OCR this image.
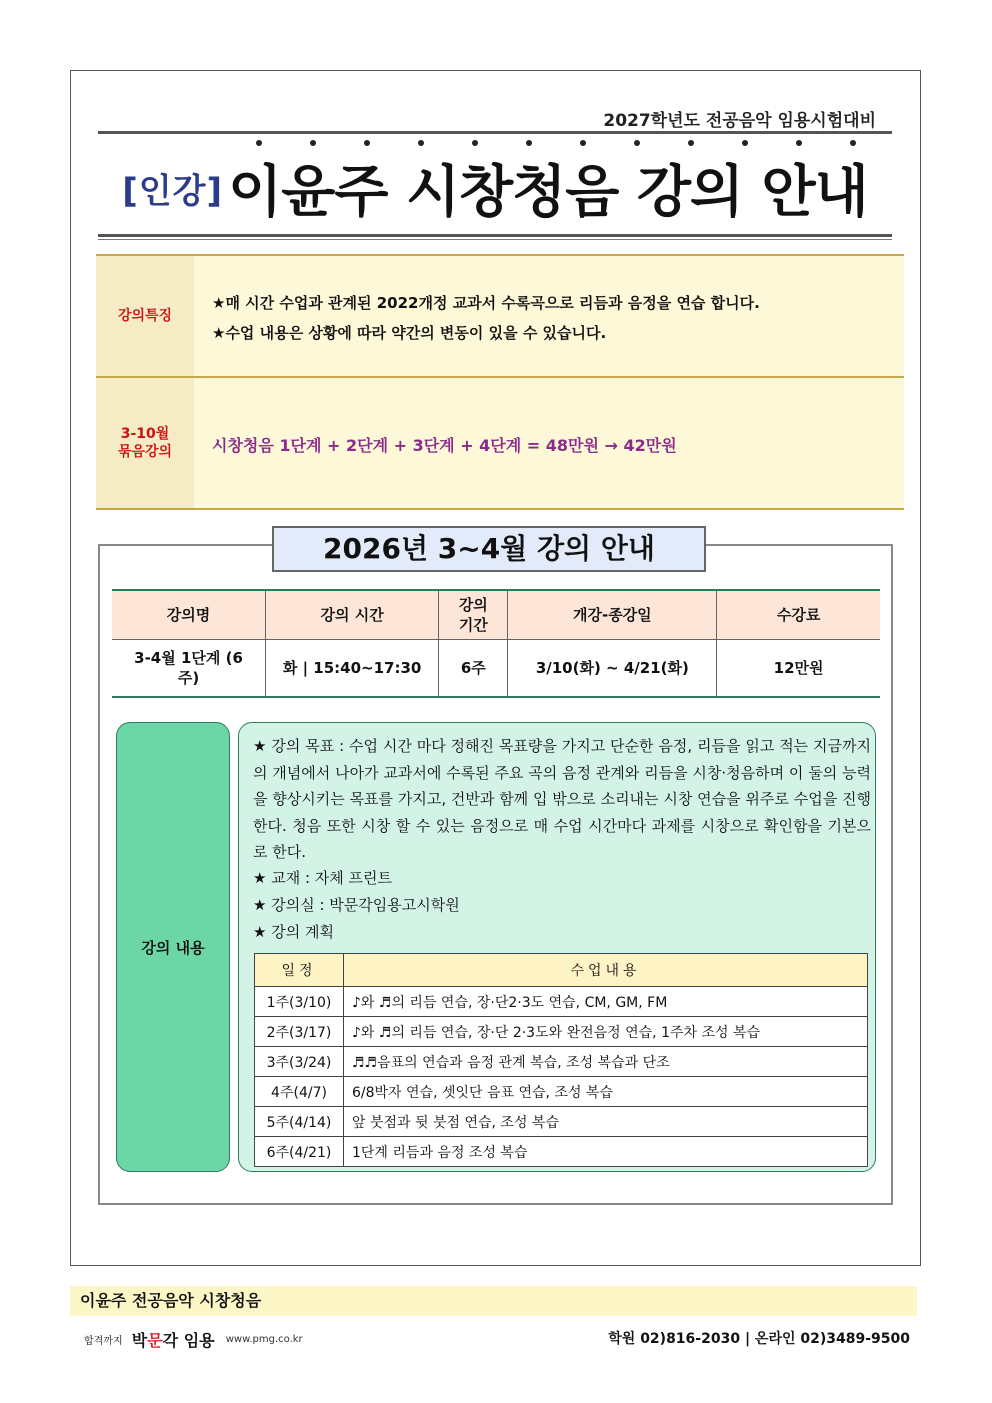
2027학년도 전공음악 임용시험대비
[인강] 이윤주 시창청음 강의 안내
강의특징
★매 시간 수업과 관계된 2022개정 교과서 수록곡으로 리듬과 음정을 연습 합니다.
★수업 내용은 상황에 따라 약간의 변동이 있을 수 있습니다.
3-10월
묶음강의 시창청음 1단계 + 2단계 + 3단계 + 4단계 = 48만원 → 42만원
2026년 3~4월 강의 안내
강의명	강의 시간	강의 기간	개강-종강일	수강료

3-4월 1단계 (6주)	화 | 15:40~17:30	6주	3/10(화) ~ 4/21(화)	12만원
강의 내용
★ 강의 목표 : 수업 시간 마다 정해진 목표량을 가지고 단순한 음정, 리듬을 읽고 적는 지금까지의 개념에서 나아가 교과서에 수록된 주요 곡의 음정 관계와 리듬을 시창·청음하며 이 둘의 능력을 향상시키는 목표를 가지고, 건반과 함께 입 밖으로 소리내는 시창 연습을 위주로 수업을 진행한다. 청음 또한 시창 할 수 있는 음정으로 매 수업 시간마다 과제를 시창으로 확인함을 기본으로 한다.
★ 교재 : 자체 프린트
★ 강의실 : 박문각임용고시학원
★ 강의 계획
일정	수업내용
1주(3/10)	♪와 ♬의 리듬 연습, 장·단2·3도 연습, CM, GM, FM
2주(3/17)	♪와 ♬의 리듬 연습, 장·단 2·3도와 완전음정 연습, 1주차 조성 복습
3주(3/24)	♬♬음표의 연습과 음정 관계 복습, 조성 복습과 단조
4주(4/7)	6/8박자 연습, 셋잇단 음표 연습, 조성 복습
5주(4/14)	앞 붓점과 뒷 붓점 연습, 조성 복습
6주(4/21)	1단계 리듬과 음정 조성 복습
이윤주 전공음악 시창청음
합격까지 박문각 임용 www.pmg.co.kr	학원 02)816-2030 | 온라인 02)3489-9500
